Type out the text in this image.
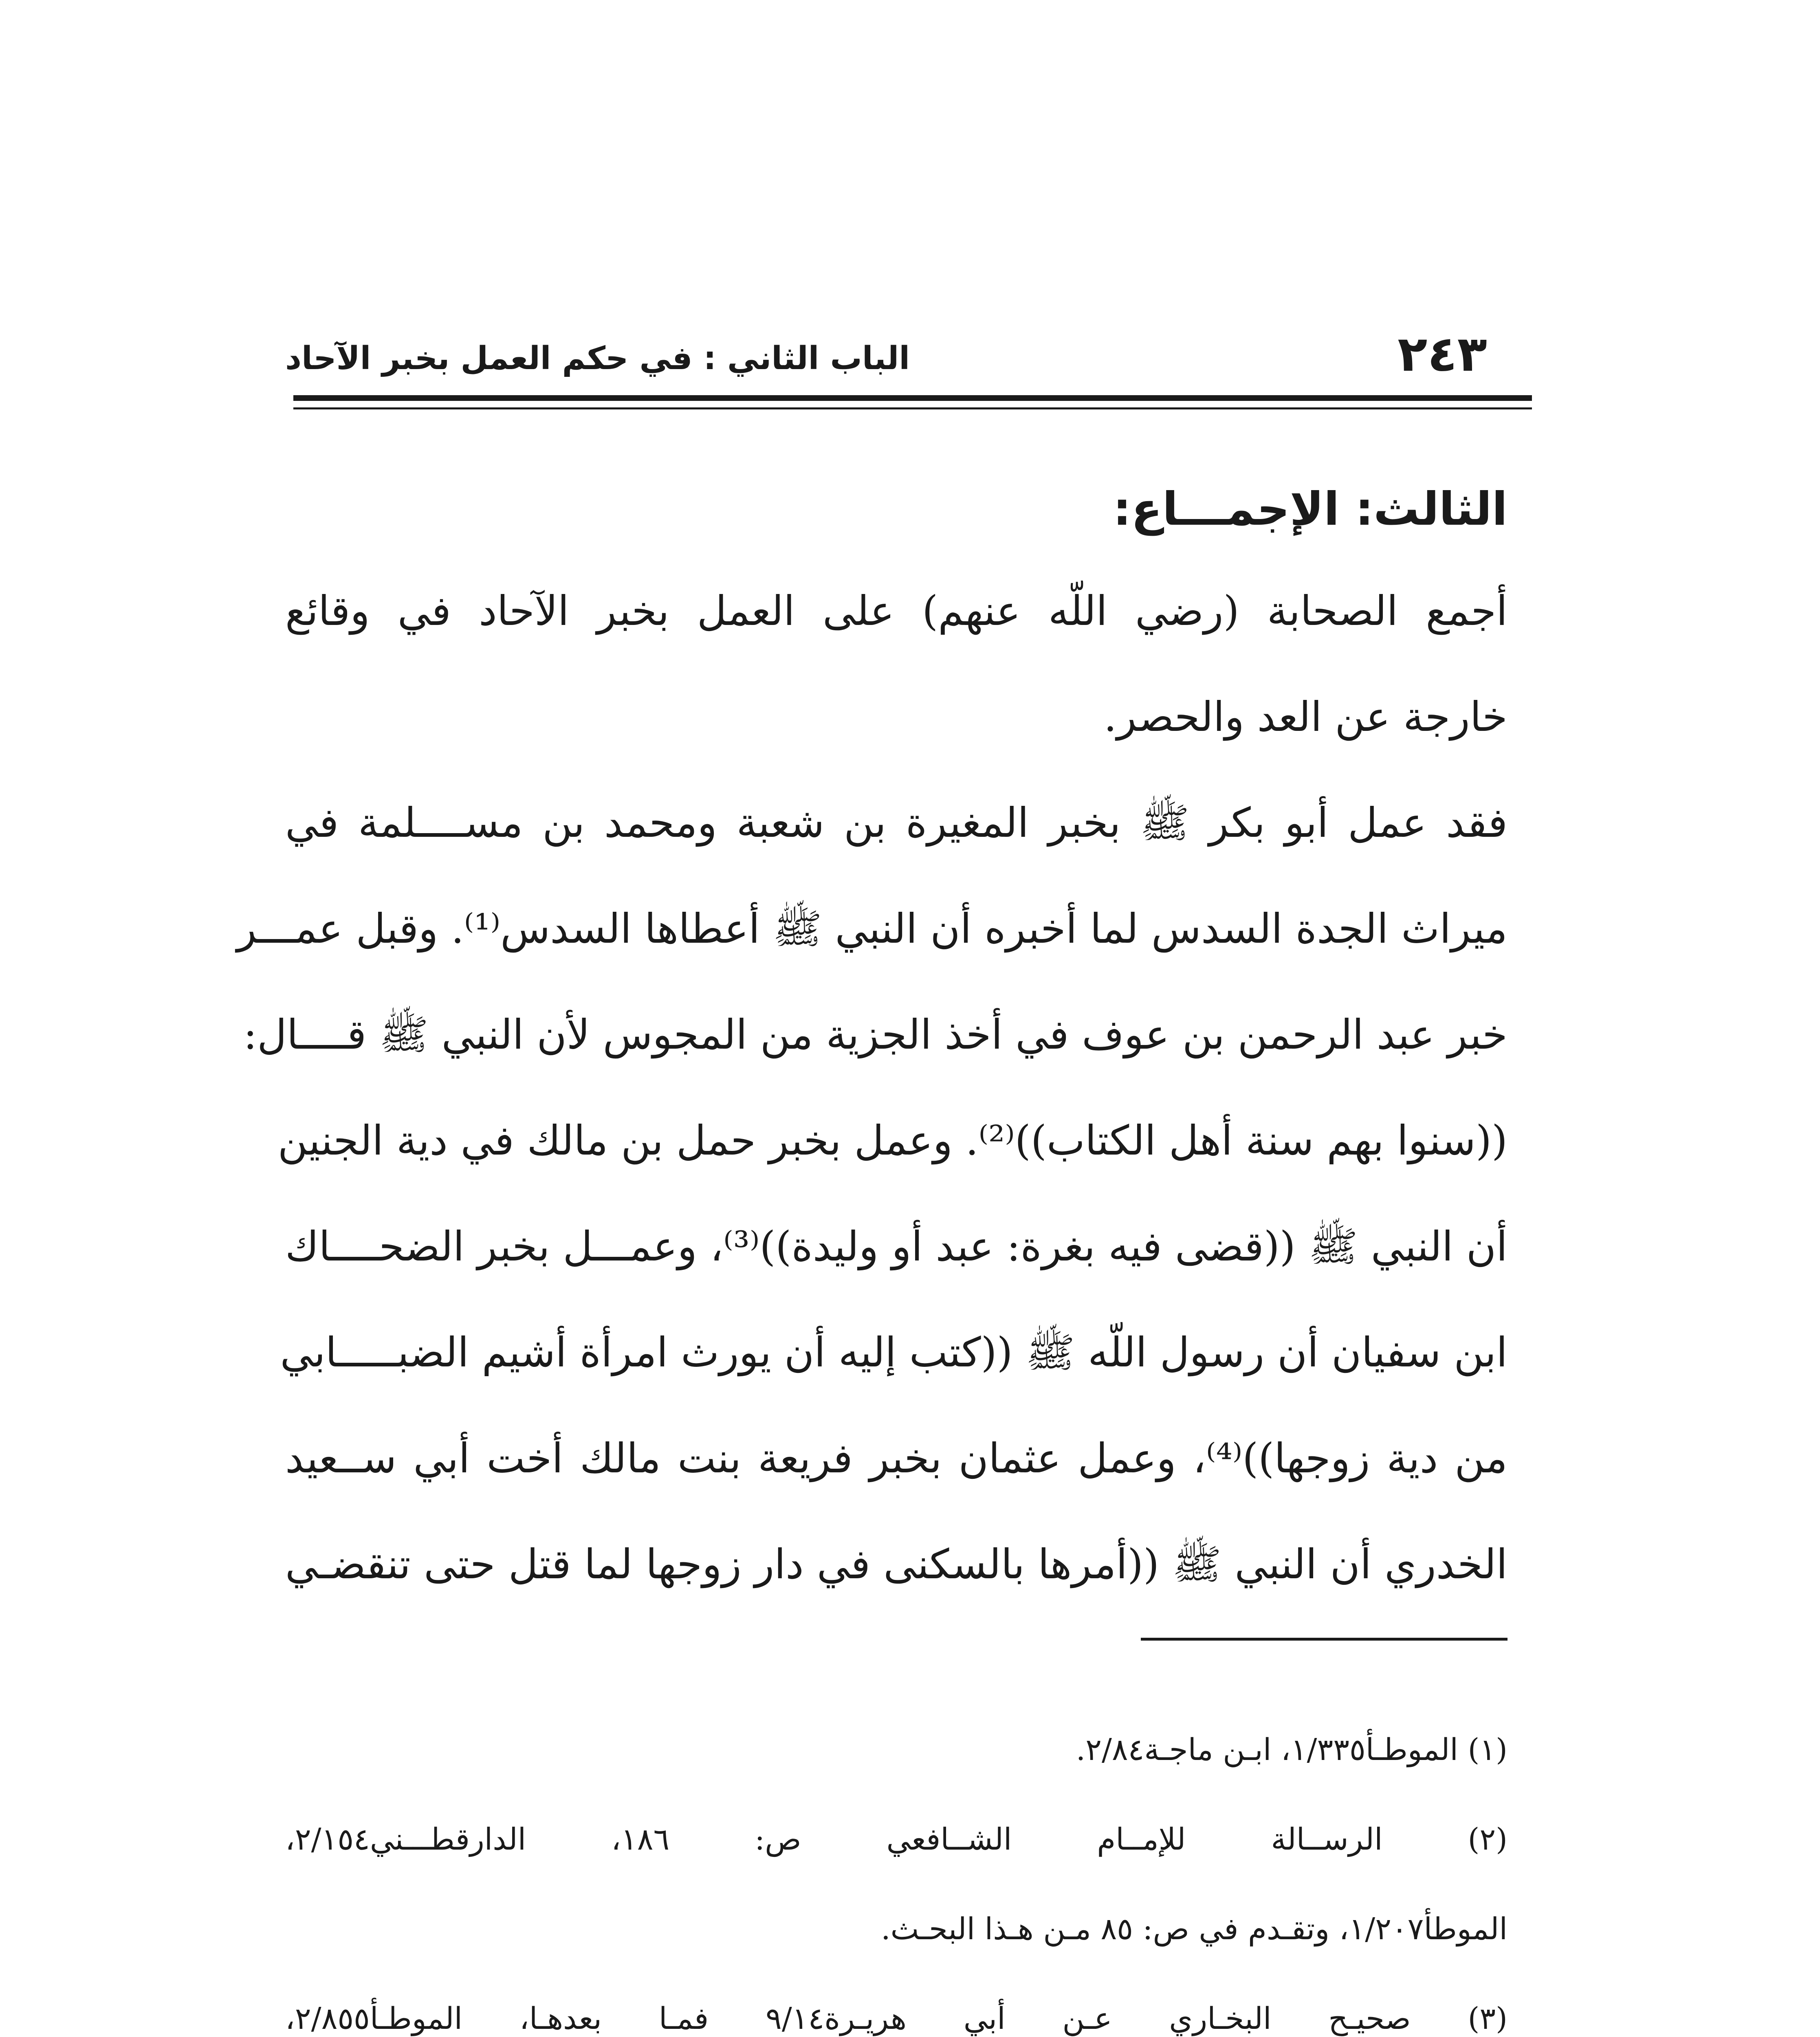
٢٤٣
الباب الثاني : في حكم العمل بخبر الآحاد
الثالث: الإجمـــاع:
أجمع الصحابة (رضي اللّه عنهم) على العمل بخبر الآحاد في وقائع
خارجة عن العد والحصر.
فقد عمل أبو بكر ﷺ بخبر المغيرة بن شعبة ومحمد بن مســــلمة في
ميراث الجدة السدس لما أخبره أن النبي ﷺ أعطاها السدس⁽¹⁾. وقبل عمـــر
خبر عبد الرحمن بن عوف في أخذ الجزية من المجوس لأن النبي ﷺ قــــال:
((سنوا بهم سنة أهل الكتاب))⁽²⁾. وعمل بخبر حمل بن مالك في دية الجنين
أن النبي ﷺ ((قضى فيه بغرة: عبد أو وليدة))⁽³⁾، وعمـــل بخبر الضحــــاك
ابن سفيان أن رسول اللّه ﷺ ((كتب إليه أن يورث امرأة أشيم الضبـــــابي
من دية زوجها))⁽⁴⁾، وعمل عثمان بخبر فريعة بنت مالك أخت أبي ســعيد
الخدري أن النبي ﷺ ((أمرها بالسكنى في دار زوجها لما قتل حتى تنقضـي
(١) الموطـأ١/٣٣٥، ابـن ماجـة٢/٨٤.
(٢) الرســالة للإمــام الشــافعي ص: ١٨٦، الدارقطـــني٢/١٥٤،
الموطأ١/٢٠٧، وتقـدم في ص: ٨٥ مـن هـذا البحـث.
(٣) صحيـح البخـاري عـن أبي هريـرة٩/١٤ فمـا بعدهـا، الموطـأ٢/٨٥٥،
